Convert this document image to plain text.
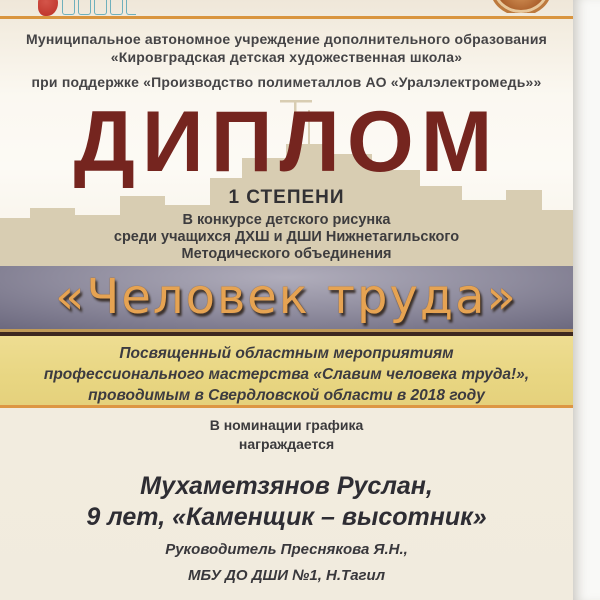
Муниципальное автономное учреждение дополнительного образования
«Кировградская детская художественная школа»
при поддержке «Производство полиметаллов АО «Уралэлектромедь»»
ДИПЛОМ
1 СТЕПЕНИ
В конкурсе детского рисунка
среди учащихся ДХШ и ДШИ Нижнетагильского
Методического объединения
«Человек труда»
Посвященный областным мероприятиям
профессионального мастерства «Славим человека труда!»,
проводимым в Свердловской области в 2018 году
В номинации графика
награждается
Мухаметзянов Руслан,
9 лет, «Каменщик – высотник»
Руководитель Преснякова Я.Н.,
МБУ ДО ДШИ №1, Н.Тагил
